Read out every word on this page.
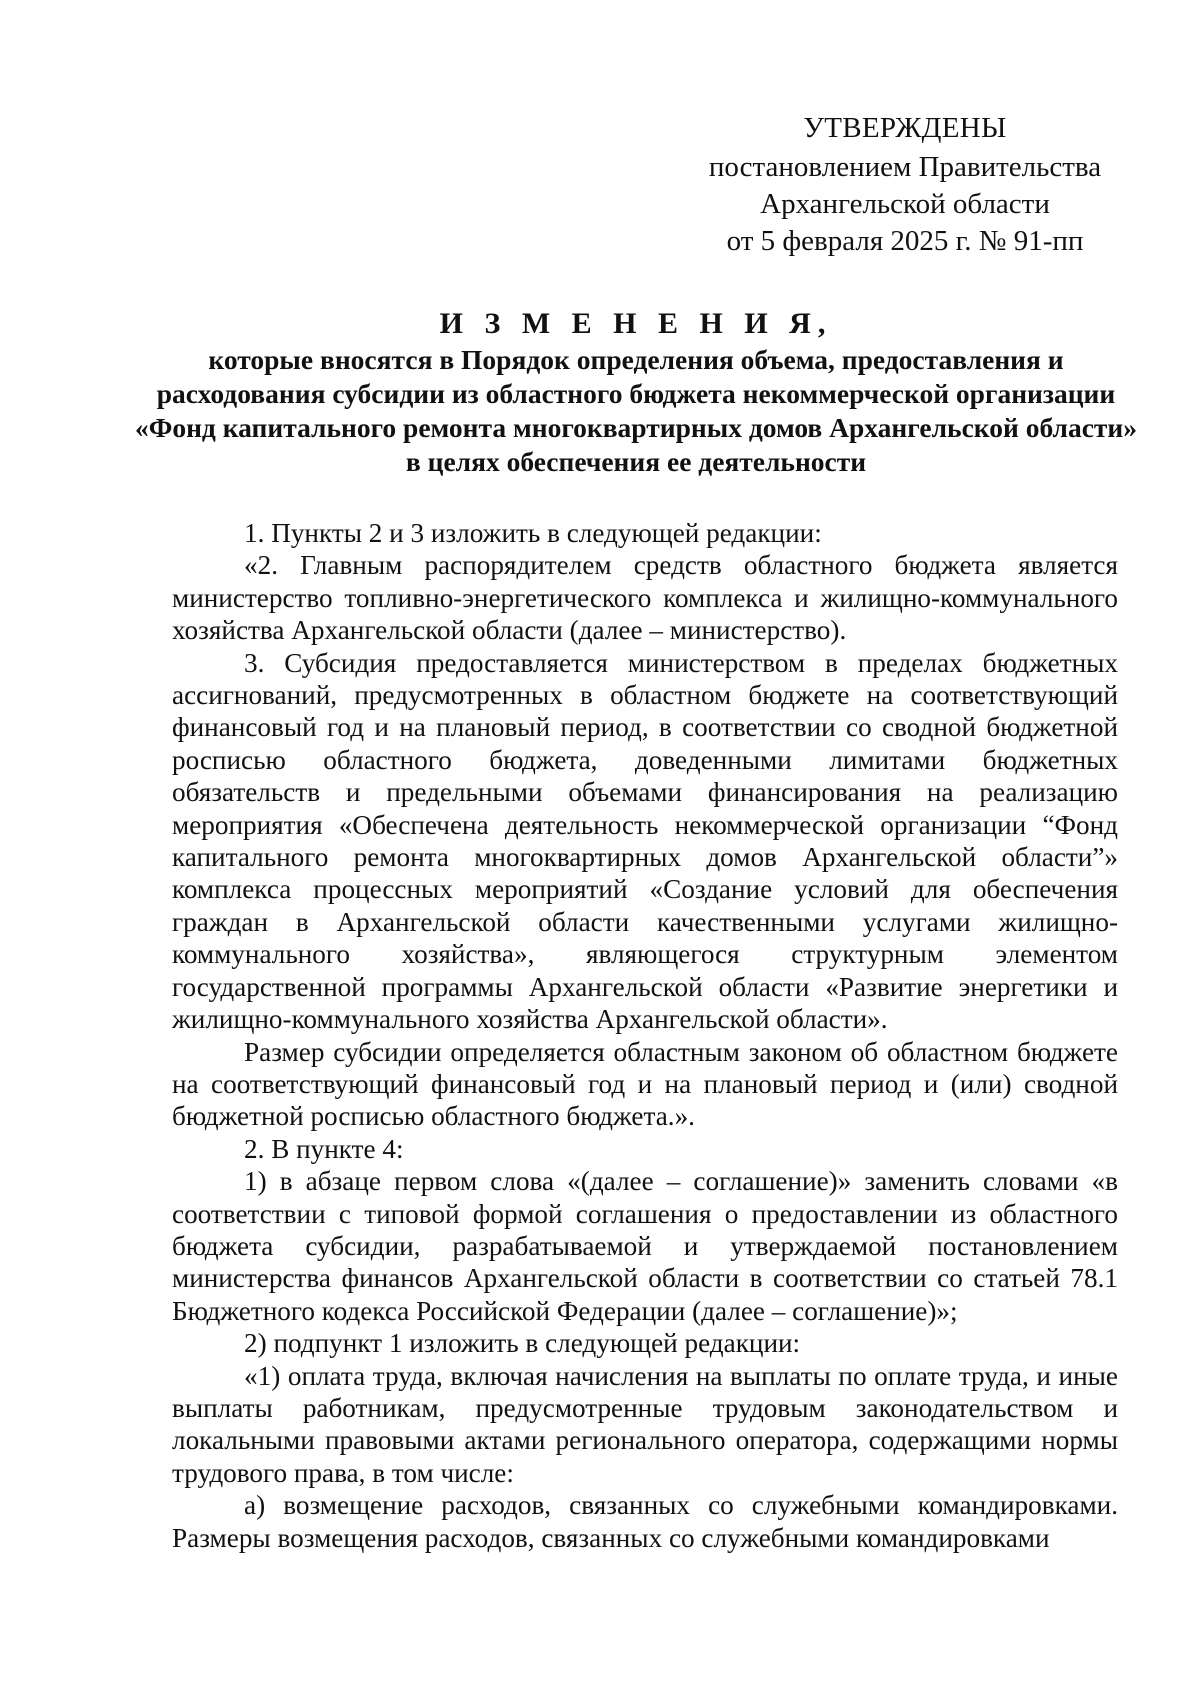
УТВЕРЖДЕНЫ
постановлением Правительства
Архангельской области
от 5 февраля 2025 г. № 91-пп
И З М Е Н Е Н И Я,
которые вносятся в Порядок определения объема, предоставления и расходования субсидии из областного бюджета некоммерческой организации «Фонд капитального ремонта многоквартирных домов Архангельской области» в целях обеспечения ее деятельности

1. Пункты 2 и 3 изложить в следующей редакции:

«2. Главным распорядителем средств областного бюджета является министерство топливно-энергетического комплекса и жилищно-коммунального хозяйства Архангельской области (далее – министерство).

3. Субсидия предоставляется министерством в пределах бюджетных ассигнований, предусмотренных в областном бюджете на соответствующий финансовый год и на плановый период, в соответствии со сводной бюджетной росписью областного бюджета, доведенными лимитами бюджетных обязательств и предельными объемами финансирования на реализацию мероприятия «Обеспечена деятельность некоммерческой организации “Фонд капитального ремонта многоквартирных домов Архангельской области”» комплекса процессных мероприятий «Создание условий для обеспечения граждан в Архангельской области качественными услугами жилищно-коммунального хозяйства», являющегося структурным элементом государственной программы Архангельской области «Развитие энергетики и жилищно-коммунального хозяйства Архангельской области».

Размер субсидии определяется областным законом об областном бюджете на соответствующий финансовый год и на плановый период и (или) сводной бюджетной росписью областного бюджета.».

2. В пункте 4:

1) в абзаце первом слова «(далее – соглашение)» заменить словами «в соответствии с типовой формой соглашения о предоставлении из областного бюджета субсидии, разрабатываемой и утверждаемой постановлением министерства финансов Архангельской области в соответствии со статьей 78.1 Бюджетного кодекса Российской Федерации (далее – соглашение)»;

2) подпункт 1 изложить в следующей редакции:

«1) оплата труда, включая начисления на выплаты по оплате труда, и иные выплаты работникам, предусмотренные трудовым законодательством и локальными правовыми актами регионального оператора, содержащими нормы трудового права, в том числе:

а) возмещение расходов, связанных со служебными командировками. Размеры возмещения расходов, связанных со служебными командировками
